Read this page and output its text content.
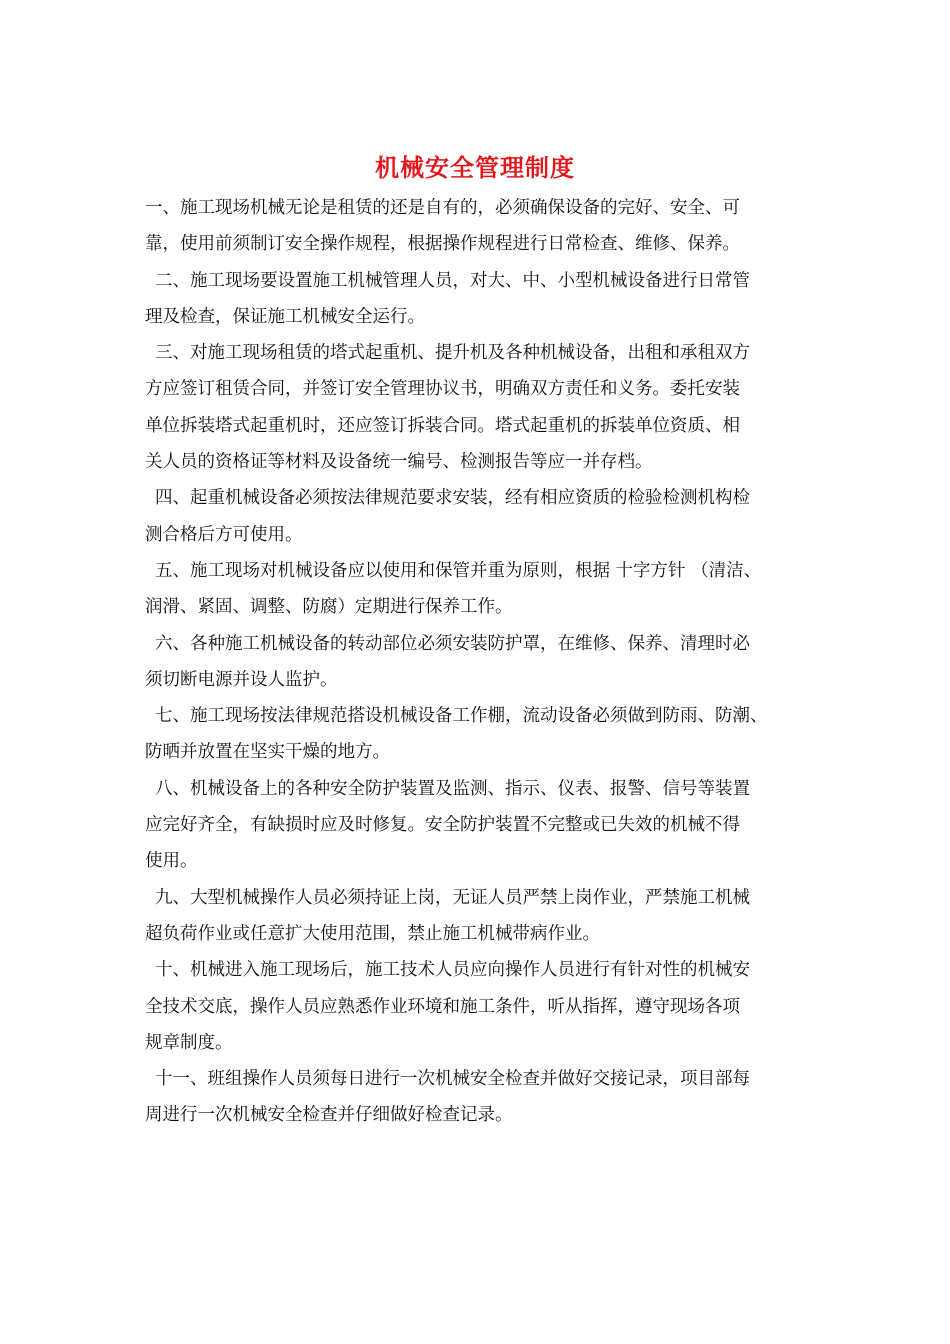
机械安全管理制度
一、施工现场机械无论是租赁的还是自有的，必须确保设备的完好、安全、可
靠，使用前须制订安全操作规程，根据操作规程进行日常检查、维修、保养。
二、施工现场要设置施工机械管理人员，对大、中、小型机械设备进行日常管
理及检查，保证施工机械安全运行。
三、对施工现场租赁的塔式起重机、提升机及各种机械设备，出租和承租双方
方应签订租赁合同，并签订安全管理协议书，明确双方责任和义务。委托安装
单位拆装塔式起重机时，还应签订拆装合同。塔式起重机的拆装单位资质、相
关人员的资格证等材料及设备统一编号、检测报告等应一并存档。
四、起重机械设备必须按法律规范要求安装，经有相应资质的检验检测机构检
测合格后方可使用。
五、施工现场对机械设备应以使用和保管并重为原则，根据 十字方针 （清洁、
润滑、紧固、调整、防腐）定期进行保养工作。
六、各种施工机械设备的转动部位必须安装防护罩，在维修、保养、清理时必
须切断电源并设人监护。
七、施工现场按法律规范搭设机械设备工作棚，流动设备必须做到防雨、防潮、
防晒并放置在坚实干燥的地方。
八、机械设备上的各种安全防护装置及监测、指示、仪表、报警、信号等装置
应完好齐全，有缺损时应及时修复。安全防护装置不完整或已失效的机械不得
使用。
九、大型机械操作人员必须持证上岗，无证人员严禁上岗作业，严禁施工机械
超负荷作业或任意扩大使用范围，禁止施工机械带病作业。
十、机械进入施工现场后，施工技术人员应向操作人员进行有针对性的机械安
全技术交底，操作人员应熟悉作业环境和施工条件，听从指挥，遵守现场各项
规章制度。
十一、班组操作人员须每日进行一次机械安全检查并做好交接记录，项目部每
周进行一次机械安全检查并仔细做好检查记录。
